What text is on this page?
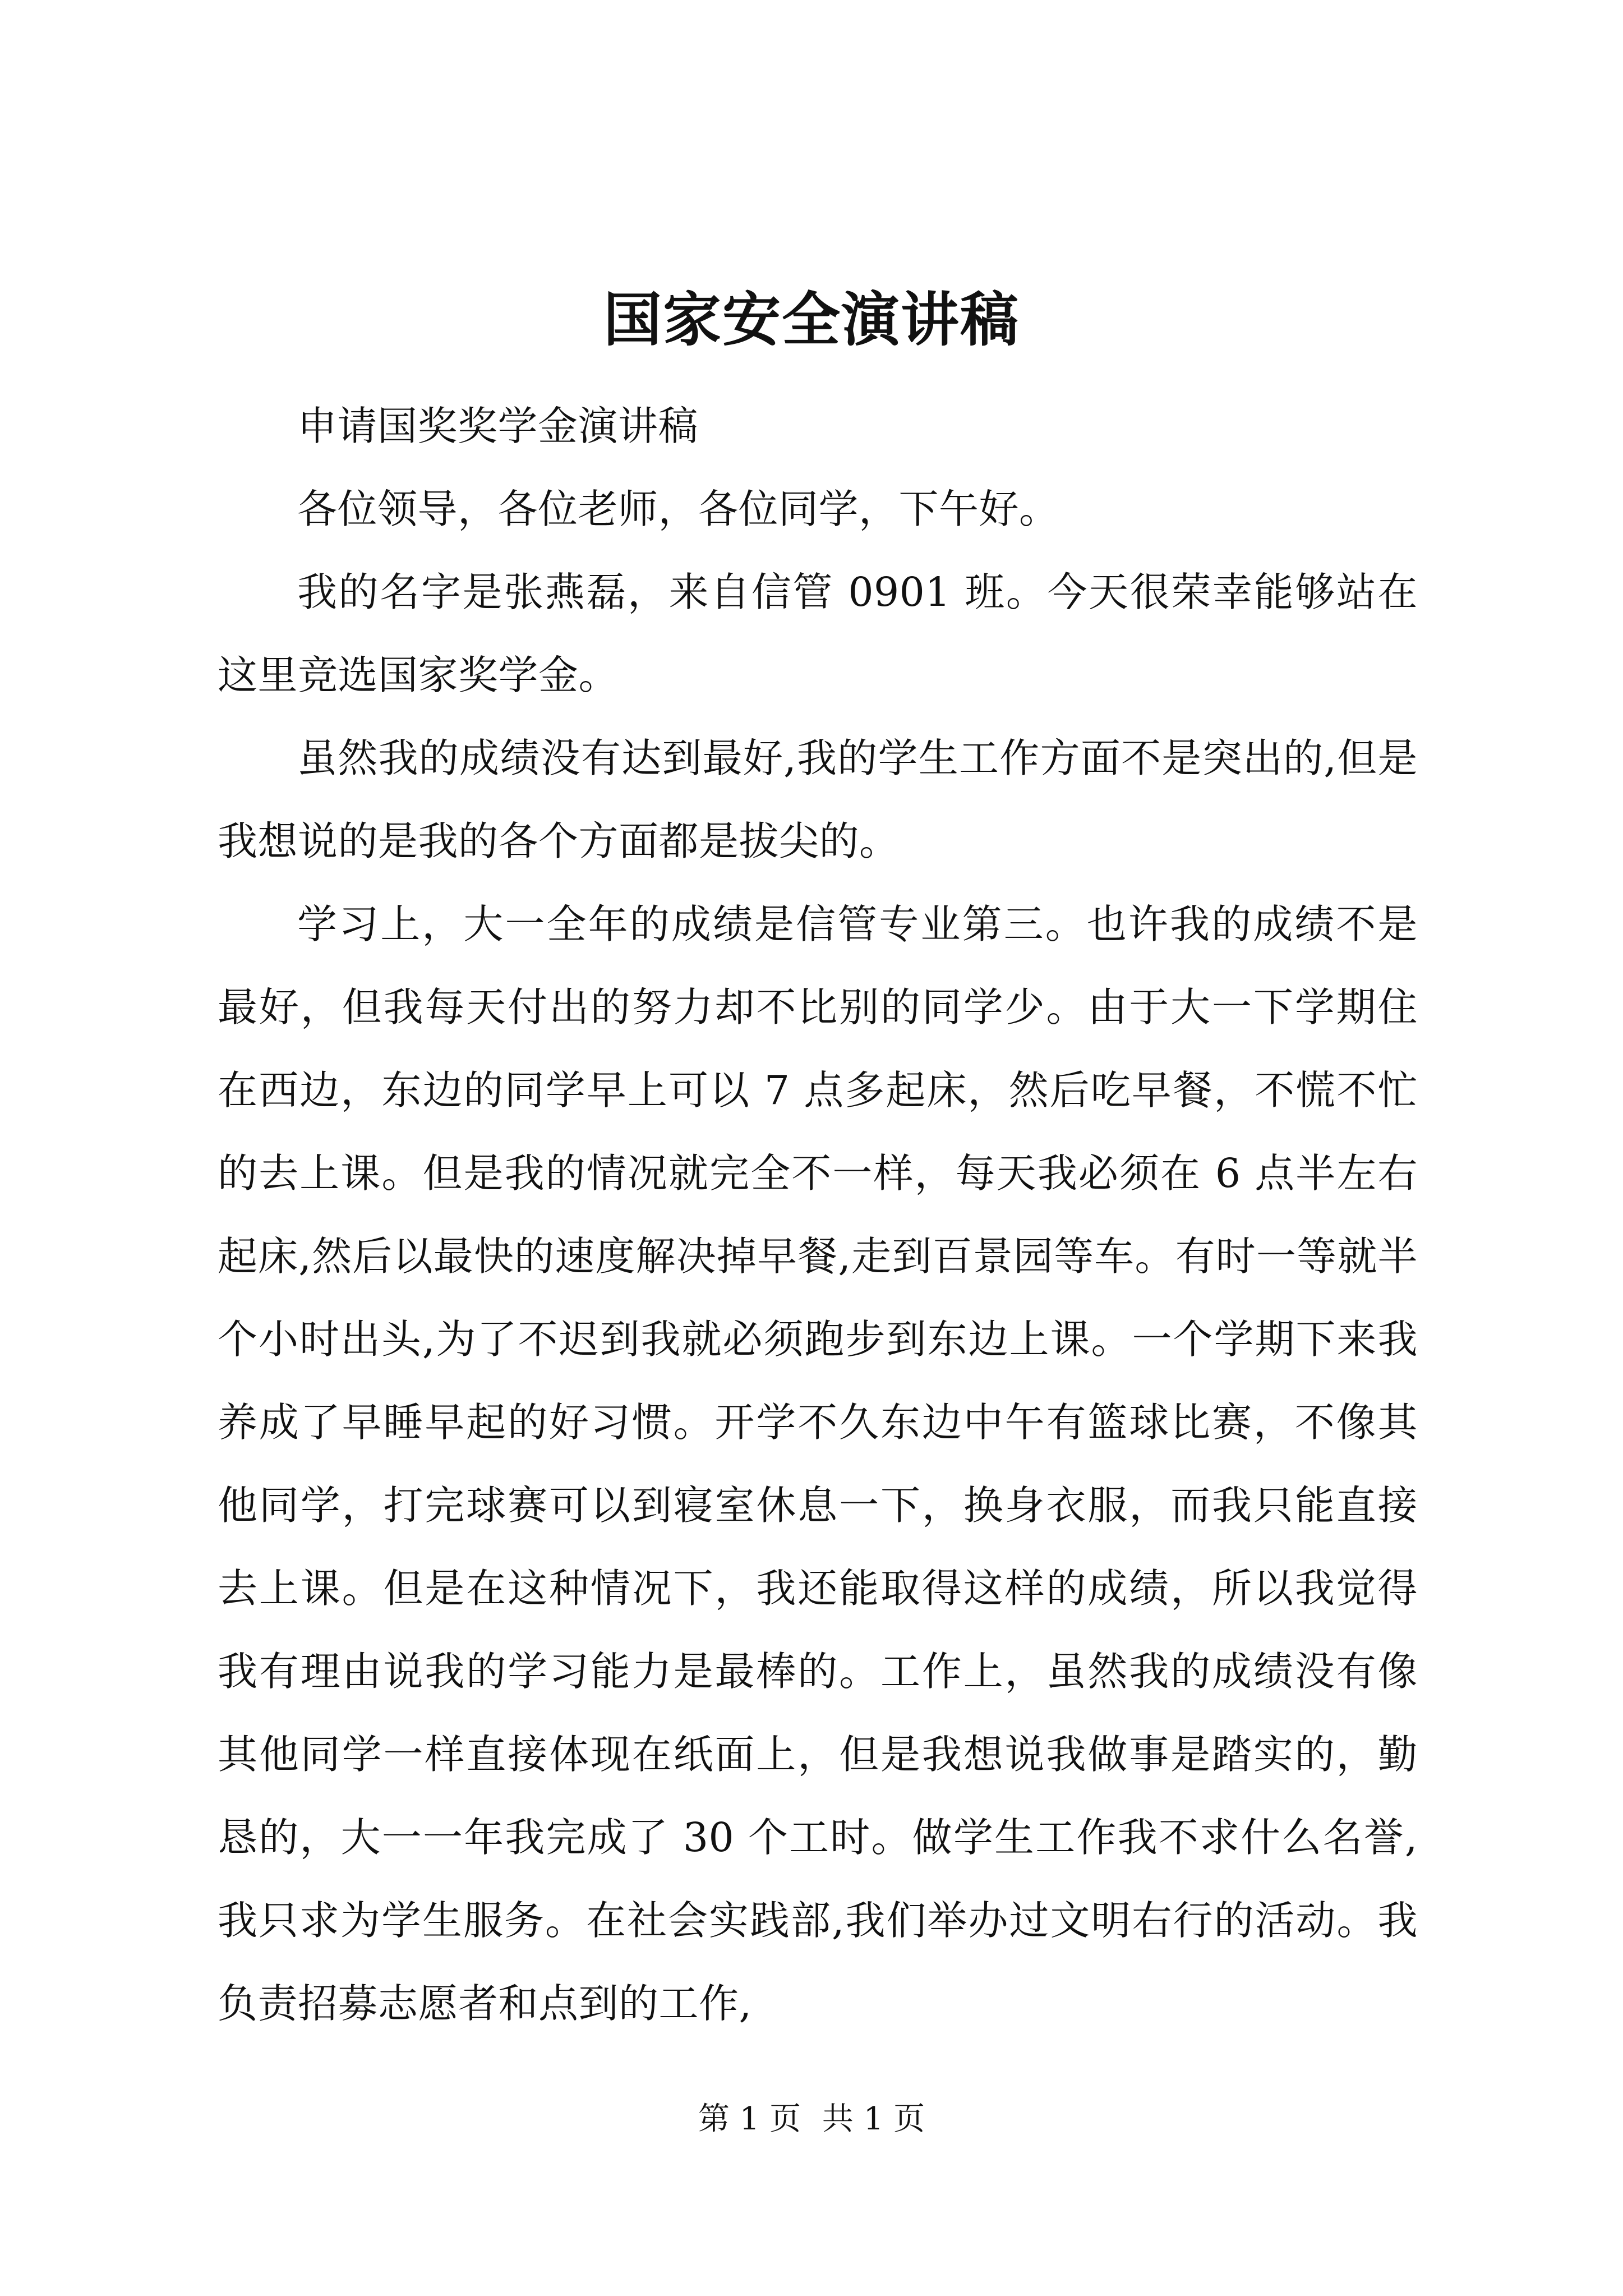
国家安全演讲稿

申请国奖奖学金演讲稿

各位领导，各位老师，各位同学，下午好。

我的名字是张燕磊，来自信管 0901 班。今天很荣幸能够站在这里竞选国家奖学金。

虽然我的成绩没有达到最好,我的学生工作方面不是突出的,但是我想说的是我的各个方面都是拔尖的。

学习上，大一全年的成绩是信管专业第三。也许我的成绩不是最好，但我每天付出的努力却不比别的同学少。由于大一下学期住在西边，东边的同学早上可以 7 点多起床，然后吃早餐，不慌不忙的去上课。但是我的情况就完全不一样，每天我必须在 6 点半左右起床,然后以最快的速度解决掉早餐,走到百景园等车。有时一等就半个小时出头,为了不迟到我就必须跑步到东边上课。一个学期下来我养成了早睡早起的好习惯。开学不久东边中午有篮球比赛，不像其他同学，打完球赛可以到寝室休息一下，换身衣服，而我只能直接去上课。但是在这种情况下，我还能取得这样的成绩，所以我觉得我有理由说我的学习能力是最棒的。工作上，虽然我的成绩没有像其他同学一样直接体现在纸面上，但是我想说我做事是踏实的，勤恳的，大一一年我完成了 30 个工时。做学生工作我不求什么名誉,我只求为学生服务。在社会实践部,我们举办过文明右行的活动。我负责招募志愿者和点到的工作,

第 1 页 共 1 页
